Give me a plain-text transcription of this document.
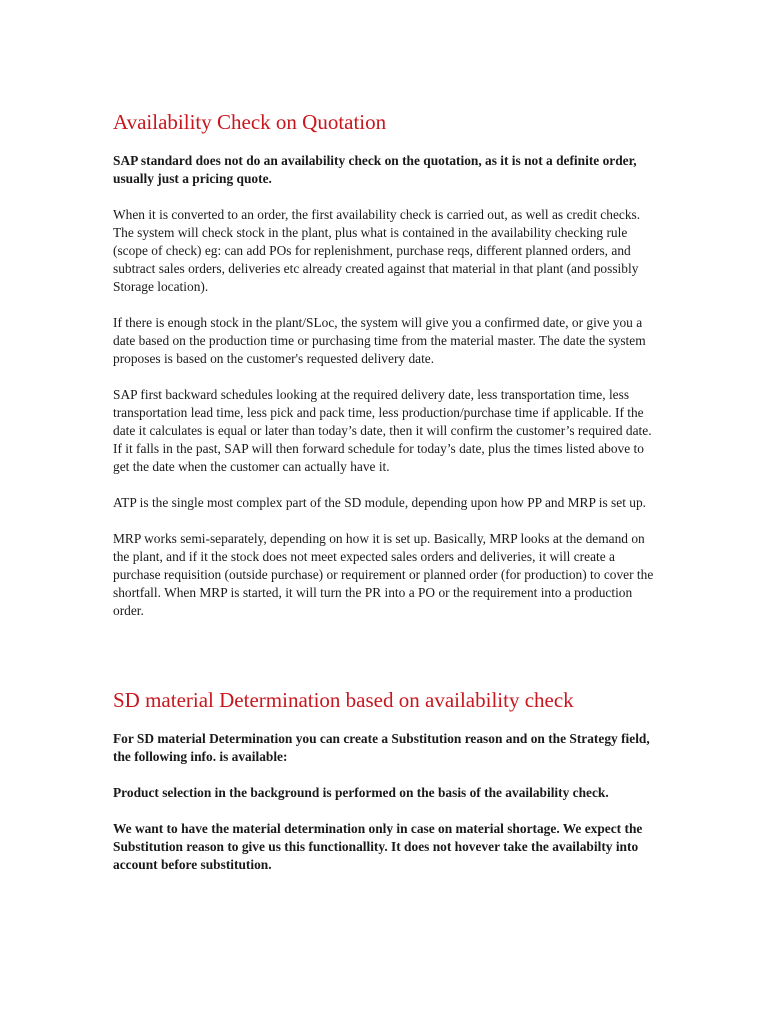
Availability Check on Quotation

SAP standard does not do an availability check on the quotation, as it is not a definite order, usually just a pricing quote.

When it is converted to an order, the first availability check is carried out, as well as credit checks. The system will check stock in the plant, plus what is contained in the availability checking rule (scope of check) eg: can add POs for replenishment, purchase reqs, different planned orders, and subtract sales orders, deliveries etc already created against that material in that plant (and possibly Storage location).

If there is enough stock in the plant/SLoc, the system will give you a confirmed date, or give you a date based on the production time or purchasing time from the material master. The date the system proposes is based on the customer's requested delivery date.

SAP first backward schedules looking at the required delivery date, less transportation time, less transportation lead time, less pick and pack time, less production/purchase time if applicable. If the date it calculates is equal or later than today’s date, then it will confirm the customer’s required date. If it falls in the past, SAP will then forward schedule for today’s date, plus the times listed above to get the date when the customer can actually have it.

ATP is the single most complex part of the SD module, depending upon how PP and MRP is set up.

MRP works semi-separately, depending on how it is set up. Basically, MRP looks at the demand on the plant, and if it the stock does not meet expected sales orders and deliveries, it will create a purchase requisition (outside purchase) or requirement or planned order (for production) to cover the shortfall. When MRP is started, it will turn the PR into a PO or the requirement into a production order.

SD material Determination based on availability check

For SD material Determination you can create a Substitution reason and on the Strategy field, the following info. is available:

Product selection in the background is performed on the basis of the availability check.

We want to have the material determination only in case on material shortage. We expect the Substitution reason to give us this functionallity. It does not hovever take the availabilty into account before substitution.
